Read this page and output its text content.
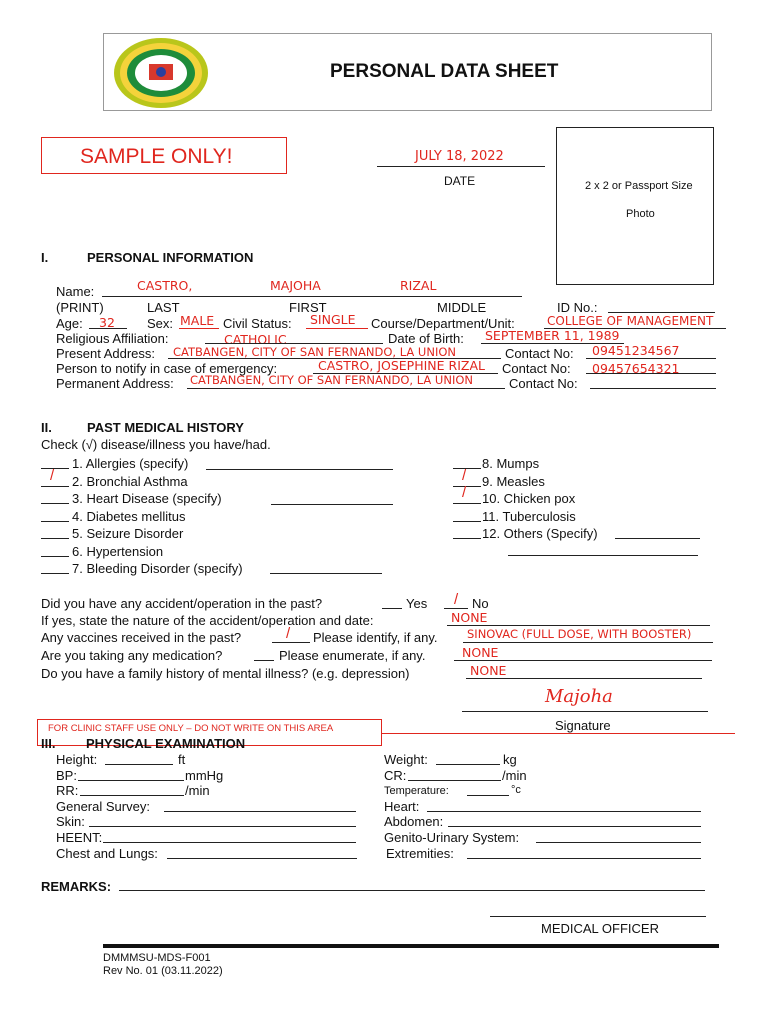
PERSONAL DATA SHEET
SAMPLE ONLY!	JULY 18, 2022
DATE	2 x 2 or Passport Size
Photo
I.	PERSONAL INFORMATION
Name:	CASTRO,	MAJOHA	RIZAL
(PRINT)	LAST	FIRST	MIDDLE	ID No.:
Age: 32 Sex: MALE Civil Status: SINGLE Course/Department/Unit:	COLLEGE OF MANAGEMENT
Religious Affiliation:	CATHOLIC	Date of Birth: SEPTEMBER 11, 1989
Present Address: CATBANGEN, CITY OF SAN FERNANDO, LA UNION	Contact No: 09451234567
Person to notify in case of emergency:	CASTRO, JOSEPHINE RIZAL Contact No: 09457654321
Permanent Address: CATBANGEN, CITY OF SAN FERNANDO, LA UNION	Contact No:
II.	PAST MEDICAL HISTORY
Check (√) disease/illness you have/had.
1. Allergies (specify)
/ 2. Bronchial Asthma
3. Heart Disease (specify)
4. Diabetes mellitus
5. Seizure Disorder
6. Hypertension
7. Bleeding Disorder (specify)
8. Mumps
/ 9. Measles
/ 10. Chicken pox
11. Tuberculosis
12. Others (Specify)
Did you have any accident/operation in the past?	Yes / No
If yes, state the nature of the accident/operation and date:	NONE
Any vaccines received in the past?	/ Please identify, if any.	SINOVAC (FULL DOSE, WITH BOOSTER)
Are you taking any medication?	Please enumerate, if any.	NONE
Do you have a family history of mental illness? (e.g. depression)	NONE
Majoha
Signature
FOR CLINIC STAFF USE ONLY – DO NOT WRITE ON THIS AREA
III. PHYSICAL EXAMINATION
Height:	ft	Weight:	kg
BP:	mmHg	CR:	/min
RR:	/min	Temperature:	°c
General Survey:	Heart:
Skin:	Abdomen:
HEENT:	Genito-Urinary System:
Chest and Lungs:	Extremities:
REMARKS:
MEDICAL OFFICER
DMMMSU-MDS-F001
Rev No. 01 (03.11.2022)
